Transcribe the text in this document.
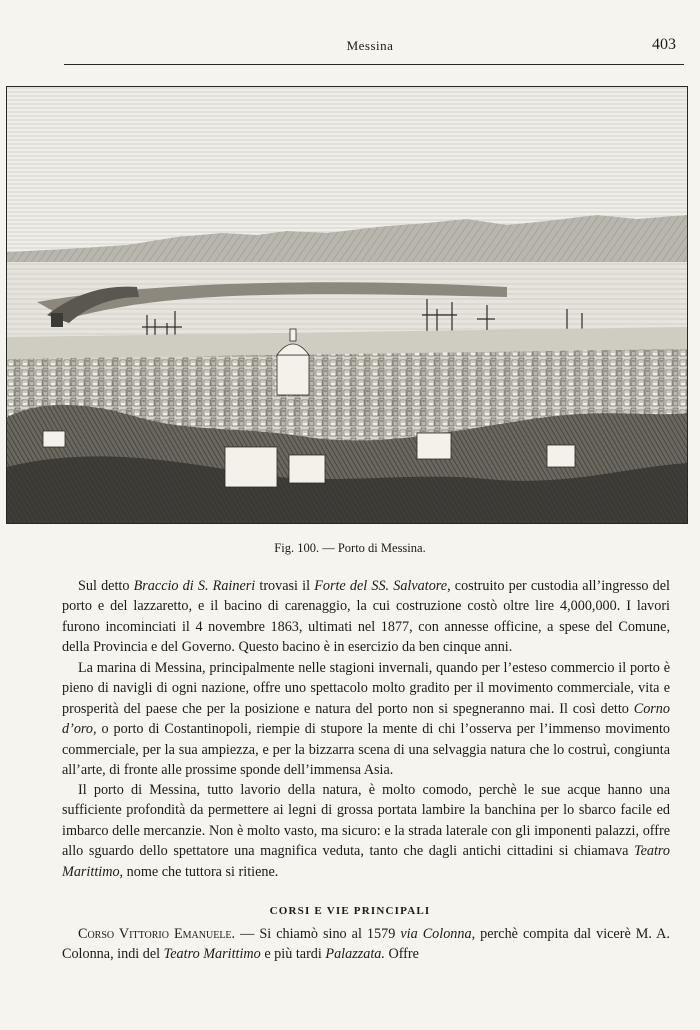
Messina	403
Fig. 100. — Porto di Messina.

Sul detto Braccio di S. Raineri trovasi il Forte del SS. Salvatore, costruito per custodia all’ingresso del porto e del lazzaretto, e il bacino di carenaggio, la cui costruzione costò oltre lire 4,000,000. I lavori furono incominciati il 4 novembre 1863, ultimati nel 1877, con annesse officine, a spese del Comune, della Provincia e del Governo. Questo bacino è in esercizio da ben cinque anni.

La marina di Messina, principalmente nelle stagioni invernali, quando per l’esteso commercio il porto è pieno di navigli di ogni nazione, offre uno spettacolo molto gradito per il movimento commerciale, vita e prosperità del paese che per la posizione e natura del porto non si spegneranno mai. Il così detto Corno d’oro, o porto di Costantinopoli, riempie di stupore la mente di chi l’osserva per l’immenso movimento commerciale, per la sua ampiezza, e per la bizzarra scena di una selvaggia natura che lo costruì, congiunta all’arte, di fronte alle prossime sponde dell’immensa Asia.

Il porto di Messina, tutto lavorio della natura, è molto comodo, perchè le sue acque hanno una sufficiente profondità da permettere ai legni di grossa portata lambire la banchina per lo sbarco facile ed imbarco delle mercanzie. Non è molto vasto, ma sicuro: e la strada laterale con gli imponenti palazzi, offre allo sguardo dello spettatore una magnifica veduta, tanto che dagli antichi cittadini si chiamava Teatro Marittimo, nome che tuttora si ritiene.

CORSI E VIE PRINCIPALI

Corso Vittorio Emanuele. — Si chiamò sino al 1579 via Colonna, perchè compita dal vicerè M. A. Colonna, indi del Teatro Marittimo e più tardi Palazzata. Offre
